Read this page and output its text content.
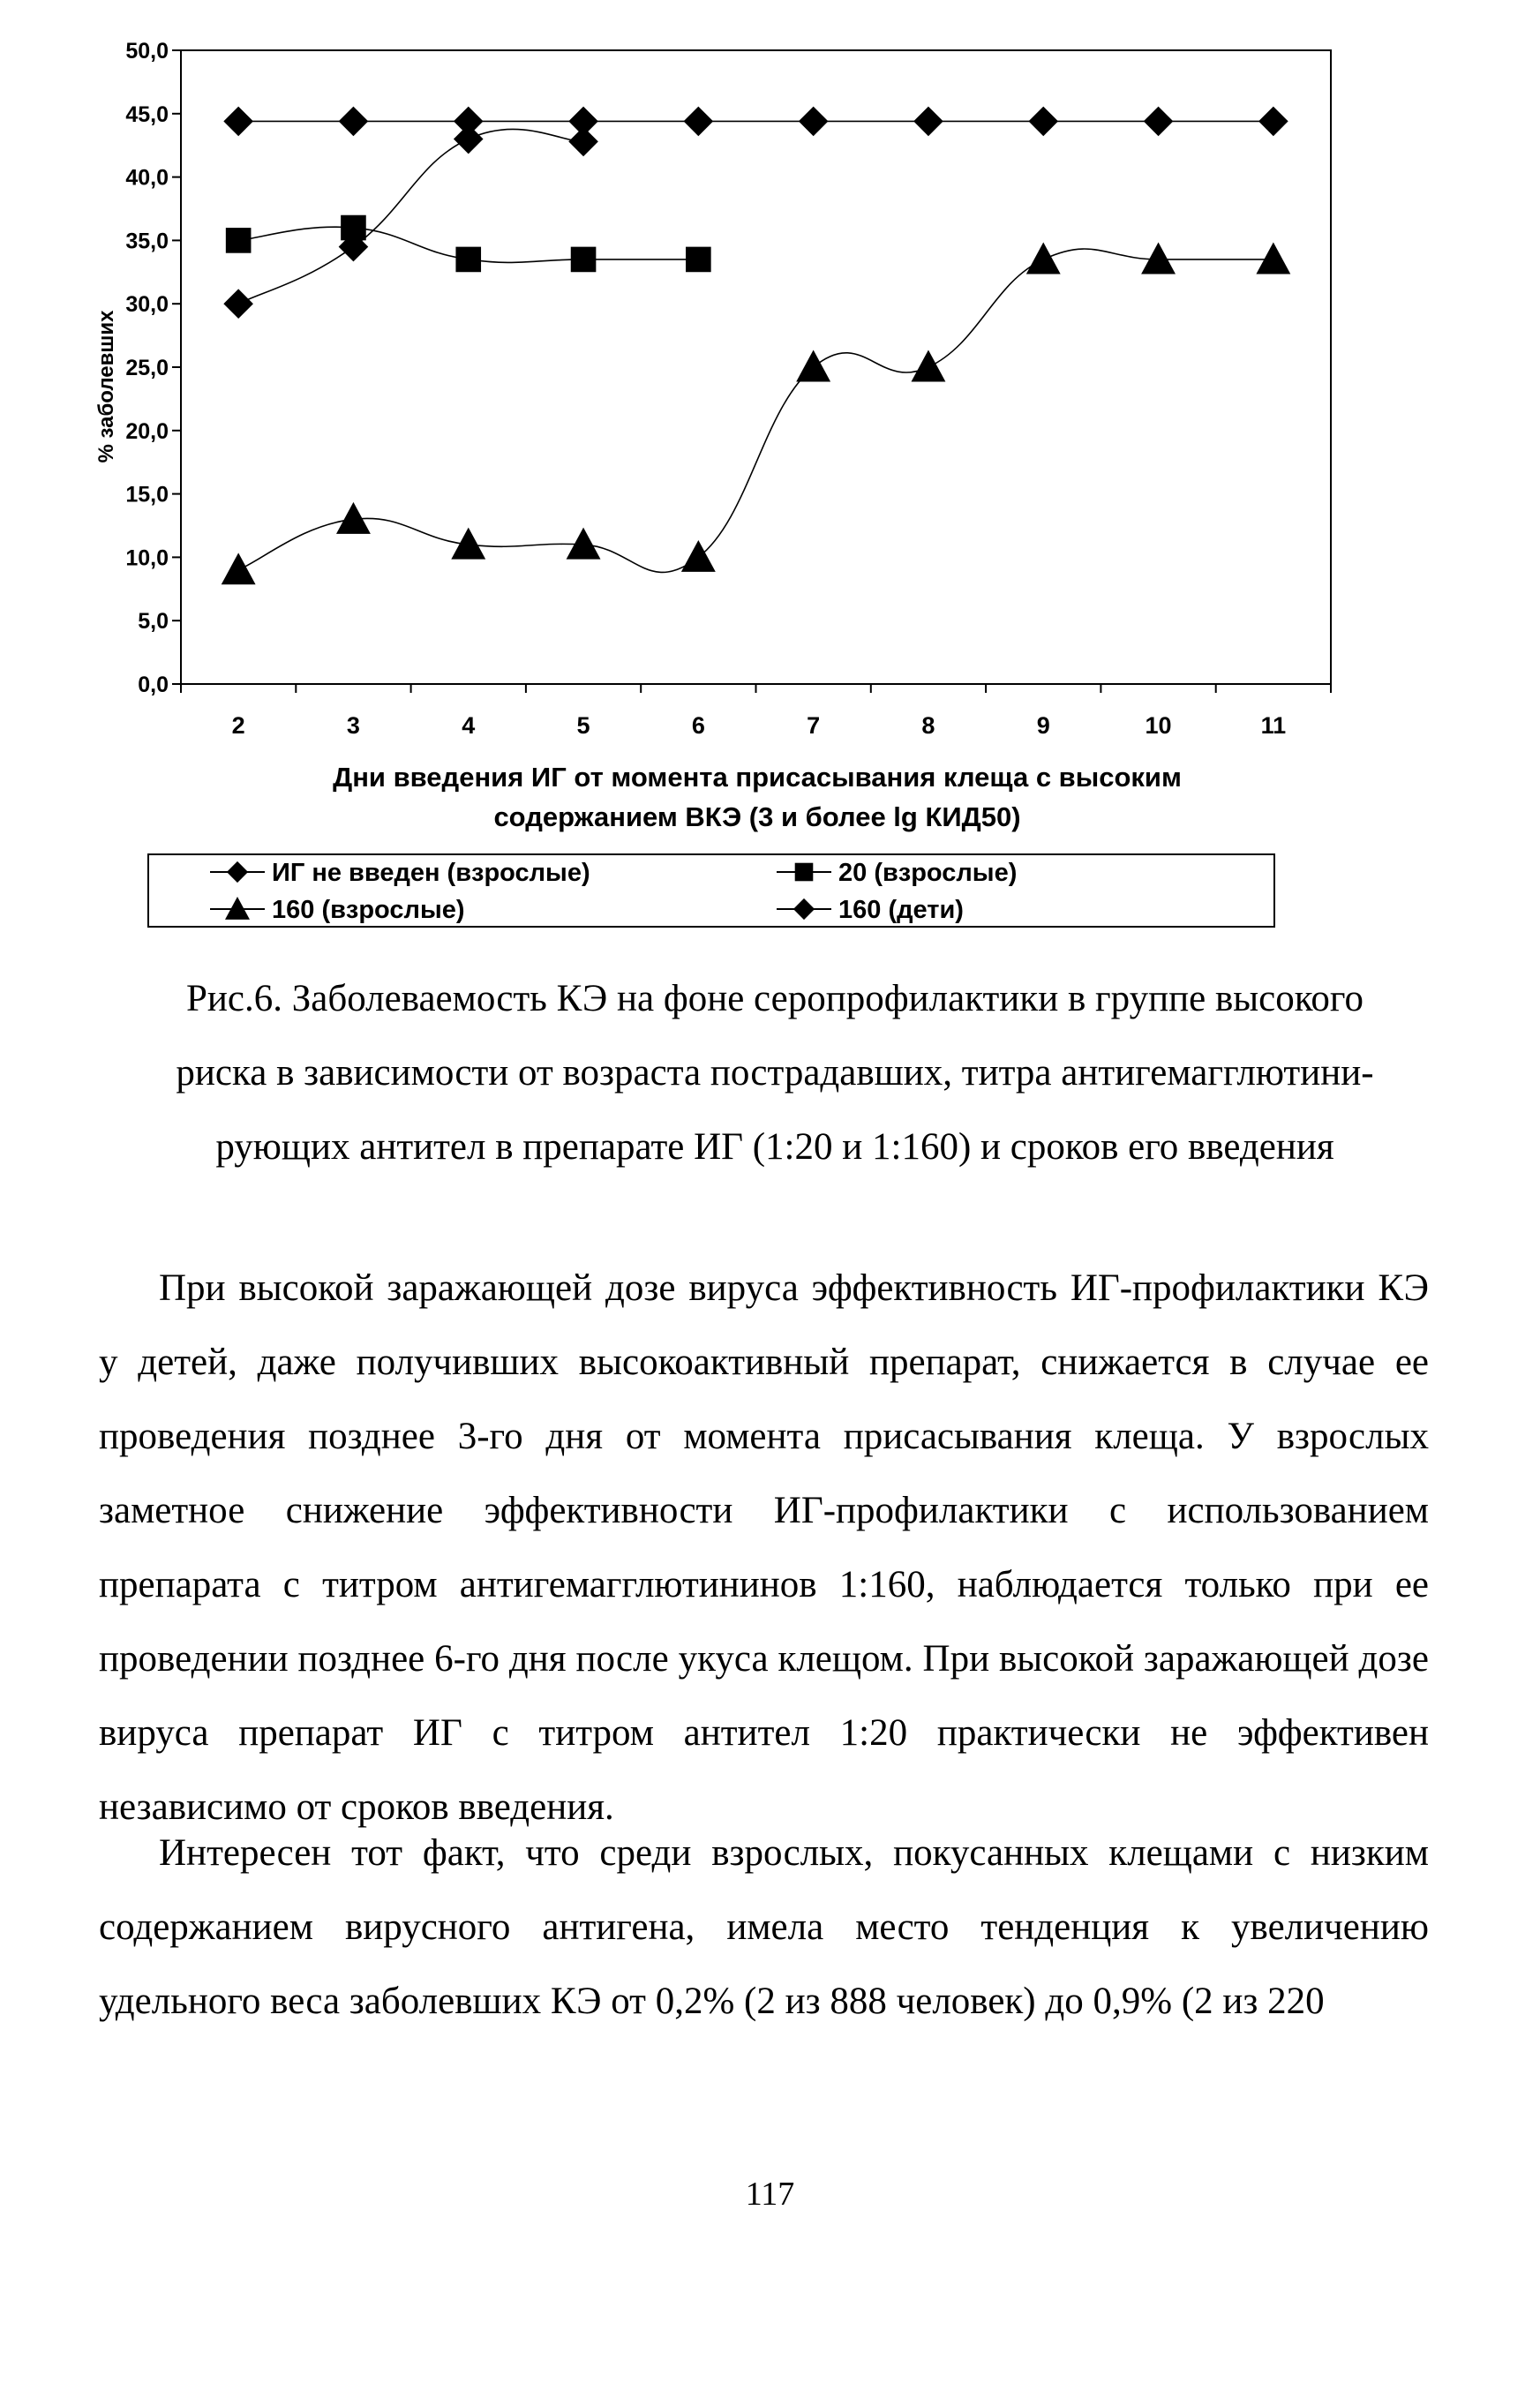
0,0
5,0
10,0
15,0
20,0
25,0
30,0
35,0
40,0
45,0
50,0
2	3	4	5	6	7	8	9	10	11
% заболевших
Дни введения ИГ от момента присасывания клеща с высоким
содержанием ВКЭ (3 и более lg КИД50)
ИГ не введен (взрослые)	20 (взрослые)
160 (взрослые)	160 (дети)
Рис.6. Заболеваемость КЭ на фоне серопрофилактики в группе высокого
риска в зависимости от возраста пострадавших, титра антигемагглютини-
рующих антител в препарате ИГ (1:20 и 1:160) и сроков его введения
При высокой заражающей дозе вируса эффективность ИГ-профилактики КЭ у детей, даже получивших высокоактивный препарат, снижается в случае ее проведения позднее 3-го дня от момента присасывания клеща. У взрослых заметное снижение эффективности ИГ-профилактики с использованием препарата с титром антигемагглютининов 1:160, наблюдается только при ее проведении позднее 6-го дня после укуса клещом. При высокой заражающей дозе вируса препарат ИГ с титром антител 1:20 практически не эффективен независимо от сроков введения.
Интересен тот факт, что среди взрослых, покусанных клещами с низким содержанием вирусного антигена, имела место тенденция к увеличению удельного веса заболевших КЭ от 0,2% (2 из 888 человек) до 0,9% (2 из 220
117
